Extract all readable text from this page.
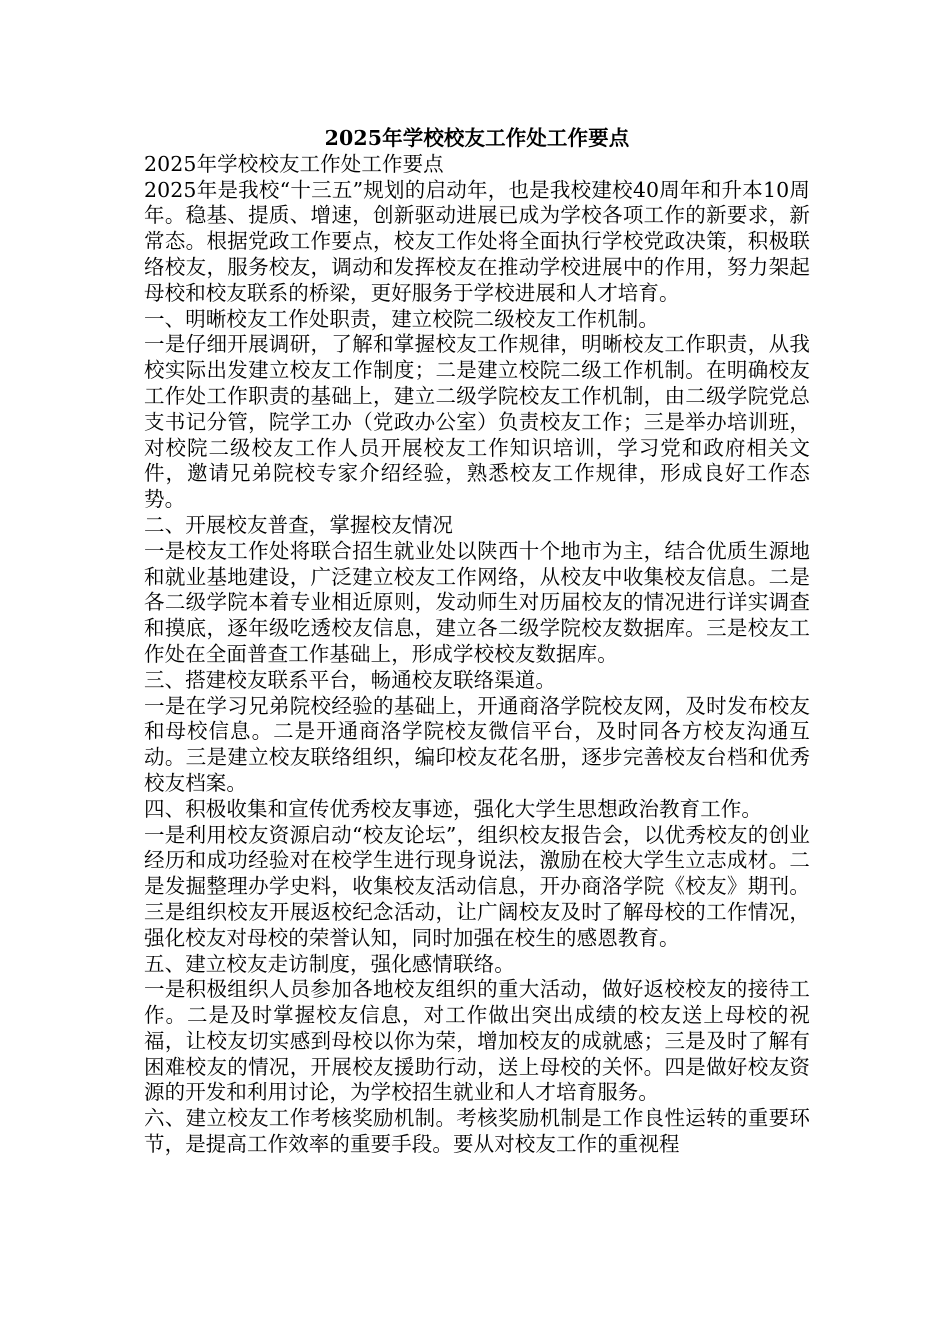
2025年学校校友工作处工作要点

2025年学校校友工作处工作要点

2025年是我校“十三五”规划的启动年，也是我校建校40周年和升本10周年。稳基、提质、增速，创新驱动进展已成为学校各项工作的新要求，新常态。根据党政工作要点，校友工作处将全面执行学校党政决策，积极联络校友，服务校友，调动和发挥校友在推动学校进展中的作用，努力架起母校和校友联系的桥梁，更好服务于学校进展和人才培育。

一、明晰校友工作处职责，建立校院二级校友工作机制。

一是仔细开展调研，了解和掌握校友工作规律，明晰校友工作职责，从我校实际出发建立校友工作制度；二是建立校院二级工作机制。在明确校友工作处工作职责的基础上，建立二级学院校友工作机制，由二级学院党总支书记分管，院学工办（党政办公室）负责校友工作；三是举办培训班，对校院二级校友工作人员开展校友工作知识培训，学习党和政府相关文件，邀请兄弟院校专家介绍经验，熟悉校友工作规律，形成良好工作态势。

二、开展校友普查，掌握校友情况

一是校友工作处将联合招生就业处以陕西十个地市为主，结合优质生源地和就业基地建设，广泛建立校友工作网络，从校友中收集校友信息。二是各二级学院本着专业相近原则，发动师生对历届校友的情况进行详实调查和摸底，逐年级吃透校友信息，建立各二级学院校友数据库。三是校友工作处在全面普查工作基础上，形成学校校友数据库。

三、搭建校友联系平台，畅通校友联络渠道。

一是在学习兄弟院校经验的基础上，开通商洛学院校友网，及时发布校友和母校信息。二是开通商洛学院校友微信平台，及时同各方校友沟通互动。三是建立校友联络组织，编印校友花名册，逐步完善校友台档和优秀校友档案。

四、积极收集和宣传优秀校友事迹，强化大学生思想政治教育工作。

一是利用校友资源启动“校友论坛”，组织校友报告会，以优秀校友的创业经历和成功经验对在校学生进行现身说法，激励在校大学生立志成材。二是发掘整理办学史料，收集校友活动信息，开办商洛学院《校友》期刊。三是组织校友开展返校纪念活动，让广阔校友及时了解母校的工作情况，强化校友对母校的荣誉认知，同时加强在校生的感恩教育。

五、建立校友走访制度，强化感情联络。

一是积极组织人员参加各地校友组织的重大活动，做好返校校友的接待工作。二是及时掌握校友信息，对工作做出突出成绩的校友送上母校的祝福，让校友切实感到母校以你为荣，增加校友的成就感；三是及时了解有困难校友的情况，开展校友援助行动，送上母校的关怀。四是做好校友资源的开发和利用讨论，为学校招生就业和人才培育服务。

六、建立校友工作考核奖励机制。考核奖励机制是工作良性运转的重要环节，是提高工作效率的重要手段。要从对校友工作的重视程
